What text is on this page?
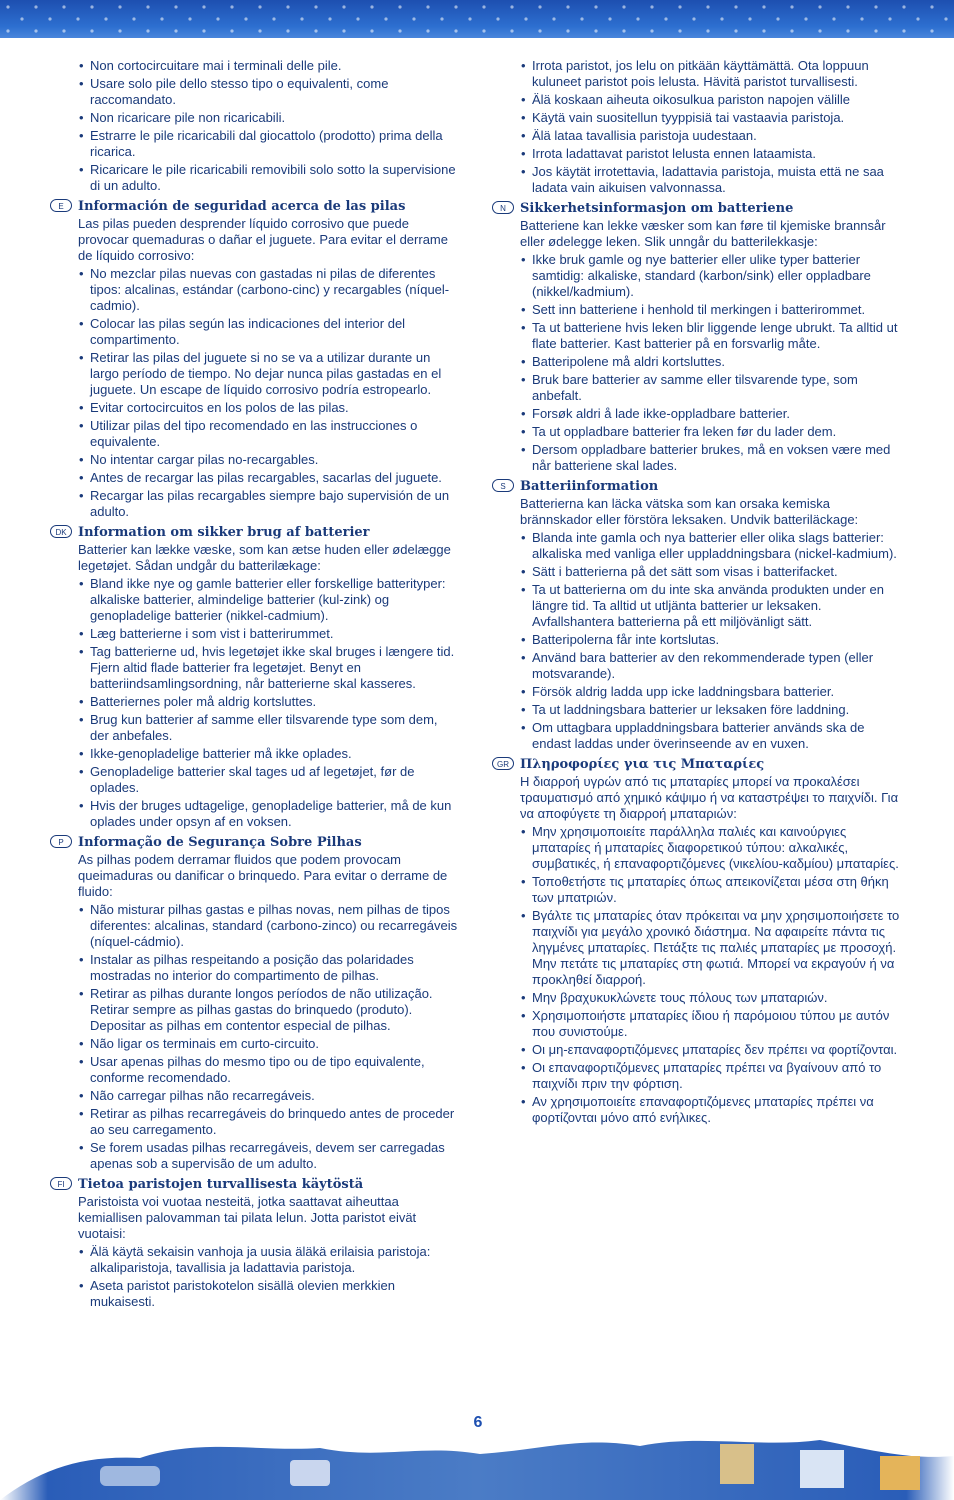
• Non cortocircuitare mai i terminali delle pile.
• Usare solo pile dello stesso tipo o equivalenti, come raccomandato.
• Non ricaricare pile non ricaricabili.
• Estrarre le pile ricaricabili dal giocattolo (prodotto) prima della ricarica.
• Ricaricare le pile ricaricabili removibili solo sotto la supervisione di un adulto.
E	Información de seguridad acerca de las pilas

Las pilas pueden desprender líquido corrosivo que puede provocar quemaduras o dañar el juguete. Para evitar el derrame de líquido corrosivo:

• No mezclar pilas nuevas con gastadas ni pilas de diferentes tipos: alcalinas, estándar (carbono-cinc) y recargables (níquel-cadmio).
• Colocar las pilas según las indicaciones del interior del compartimento.
• Retirar las pilas del juguete si no se va a utilizar durante un largo período de tiempo. No dejar nunca pilas gastadas en el juguete. Un escape de líquido corrosivo podría estropearlo.
• Evitar cortocircuitos en los polos de las pilas.
• Utilizar pilas del tipo recomendado en las instrucciones o equivalente.
• No intentar cargar pilas no-recargables.
• Antes de recargar las pilas recargables, sacarlas del juguete.
• Recargar las pilas recargables siempre bajo supervisión de un adulto.
DK Information om sikker brug af batterier

Batterier kan lække væske, som kan ætse huden eller ødelægge legetøjet. Sådan undgår du batterilækage:

• Bland ikke nye og gamle batterier eller forskellige batterityper: alkaliske batterier, almindelige batterier (kul-zink) og genopladelige batterier (nikkel-cadmium).
• Læg batterierne i som vist i batterirummet.
• Tag batterierne ud, hvis legetøjet ikke skal bruges i længere tid. Fjern altid flade batterier fra legetøjet. Benyt en batteriindsamlingsordning, når batterierne skal kasseres.
• Batteriernes poler må aldrig kortsluttes.
• Brug kun batterier af samme eller tilsvarende type som dem, der anbefales.
• Ikke-genopladelige batterier må ikke oplades.
• Genopladelige batterier skal tages ud af legetøjet, før de oplades.
• Hvis der bruges udtagelige, genopladelige batterier, må de kun oplades under opsyn af en voksen.
P	Informação de Segurança Sobre Pilhas

As pilhas podem derramar fluidos que podem provocam queimaduras ou danificar o brinquedo. Para evitar o derrame de fluido:

• Não misturar pilhas gastas e pilhas novas, nem pilhas de tipos diferentes: alcalinas, standard (carbono-zinco) ou recarregáveis (níquel-cádmio).
• Instalar as pilhas respeitando a posição das polaridades mostradas no interior do compartimento de pilhas.
• Retirar as pilhas durante longos períodos de não utilização. Retirar sempre as pilhas gastas do brinquedo (produto). Depositar as pilhas em contentor especial de pilhas.
• Não ligar os terminais em curto-circuito.
• Usar apenas pilhas do mesmo tipo ou de tipo equivalente, conforme recomendado.
• Não carregar pilhas não recarregáveis.
• Retirar as pilhas recarregáveis do brinquedo antes de proceder ao seu carregamento.
• Se forem usadas pilhas recarregáveis, devem ser carregadas apenas sob a supervisão de um adulto.
FI	Tietoa paristojen turvallisesta käytöstä

Paristoista voi vuotaa nesteitä, jotka saattavat aiheuttaa kemiallisen palovamman tai pilata lelun. Jotta paristot eivät vuotaisi:

• Älä käytä sekaisin vanhoja ja uusia äläkä erilaisia paristoja: alkaliparistoja, tavallisia ja ladattavia paristoja.
• Aseta paristot paristokotelon sisällä olevien merkkien mukaisesti.
• Irrota paristot, jos lelu on pitkään käyttämättä. Ota loppuun kuluneet paristot pois lelusta. Hävitä paristot turvallisesti.
• Älä koskaan aiheuta oikosulkua pariston napojen välille
• Käytä vain suositellun tyyppisiä tai vastaavia paristoja.
• Älä lataa tavallisia paristoja uudestaan.
• Irrota ladattavat paristot lelusta ennen lataamista.
• Jos käytät irrotettavia, ladattavia paristoja, muista että ne saa ladata vain aikuisen valvonnassa.
N	Sikkerhetsinformasjon om batteriene

Batteriene kan lekke væsker som kan føre til kjemiske brannsår eller ødelegge leken. Slik unngår du batterilekkasje:

• Ikke bruk gamle og nye batterier eller ulike typer batterier samtidig: alkaliske, standard (karbon/sink) eller oppladbare (nikkel/kadmium).
• Sett inn batteriene i henhold til merkingen i batterirommet.
• Ta ut batteriene hvis leken blir liggende lenge ubrukt. Ta alltid ut flate batterier. Kast batterier på en forsvarlig måte.
• Batteripolene må aldri kortsluttes.
• Bruk bare batterier av samme eller tilsvarende type, som anbefalt.
• Forsøk aldri å lade ikke-oppladbare batterier.
• Ta ut oppladbare batterier fra leken før du lader dem.
• Dersom oppladbare batterier brukes, må en voksen være med når batteriene skal lades.
S	Batteriinformation

Batterierna kan läcka vätska som kan orsaka kemiska brännskador eller förstöra leksaken. Undvik batteriläckage:

• Blanda inte gamla och nya batterier eller olika slags batterier: alkaliska med vanliga eller uppladdningsbara (nickel-kadmium).
• Sätt i batterierna på det sätt som visas i batterifacket.
• Ta ut batterierna om du inte ska använda produkten under en längre tid. Ta alltid ut utljänta batterier ur leksaken. Avfallshantera batterierna på ett miljövänligt sätt.
• Batteripolerna får inte kortslutas.
• Använd bara batterier av den rekommenderade typen (eller motsvarande).
• Försök aldrig ladda upp icke laddningsbara batterier.
• Ta ut laddningsbara batterier ur leksaken före laddning.
• Om uttagbara uppladdningsbara batterier används ska de endast laddas under överinseende av en vuxen.
GR Πληροφορίες για τις Μπαταρίες

Η διαρροή υγρών από τις μπαταρίες μπορεί να προκαλέσει τραυματισμό από χημικό κάψιμο ή να καταστρέψει το παιχνίδι. Για να αποφύγετε τη διαρροή μπαταριών:

• Μην χρησιμοποιείτε παράλληλα παλιές και καινούργιες μπαταρίες ή μπαταρίες διαφορετικού τύπου: αλκαλικές, συμβατικές, ή επαναφορτιζόμενες (νικελίου-καδμίου) μπαταρίες.
• Τοποθετήστε τις μπαταρίες όπως απεικονίζεται μέσα στη θήκη των μπατριών.
• Βγάλτε τις μπαταρίες όταν πρόκειται να μην χρησιμοποιήσετε το παιχνίδι για μεγάλο χρονικό διάστημα. Να αφαιρείτε πάντα τις ληγμένες μπαταρίες. Πετάξτε τις παλιές μπαταρίες με προσοχή. Μην πετάτε τις μπαταρίες στη φωτιά. Μπορεί να εκραγούν ή να προκληθεί διαρροή.
• Μην βραχυκυκλώνετε τους πόλους των μπαταριών.
• Χρησιμοποιήστε μπαταρίες ίδιου ή παρόμοιου τύπου με αυτόν που συνιστούμε.
• Οι μη-επαναφορτιζόμενες μπαταρίες δεν πρέπει να φορτίζονται.
• Οι επαναφορτιζόμενες μπαταρίες πρέπει να βγαίνουν από το παιχνίδι πριν την φόρτιση.
• Αν χρησιμοποιείτε επαναφορτιζόμενες μπαταρίες πρέπει να φορτίζονται μόνο από ενήλικες.
6
